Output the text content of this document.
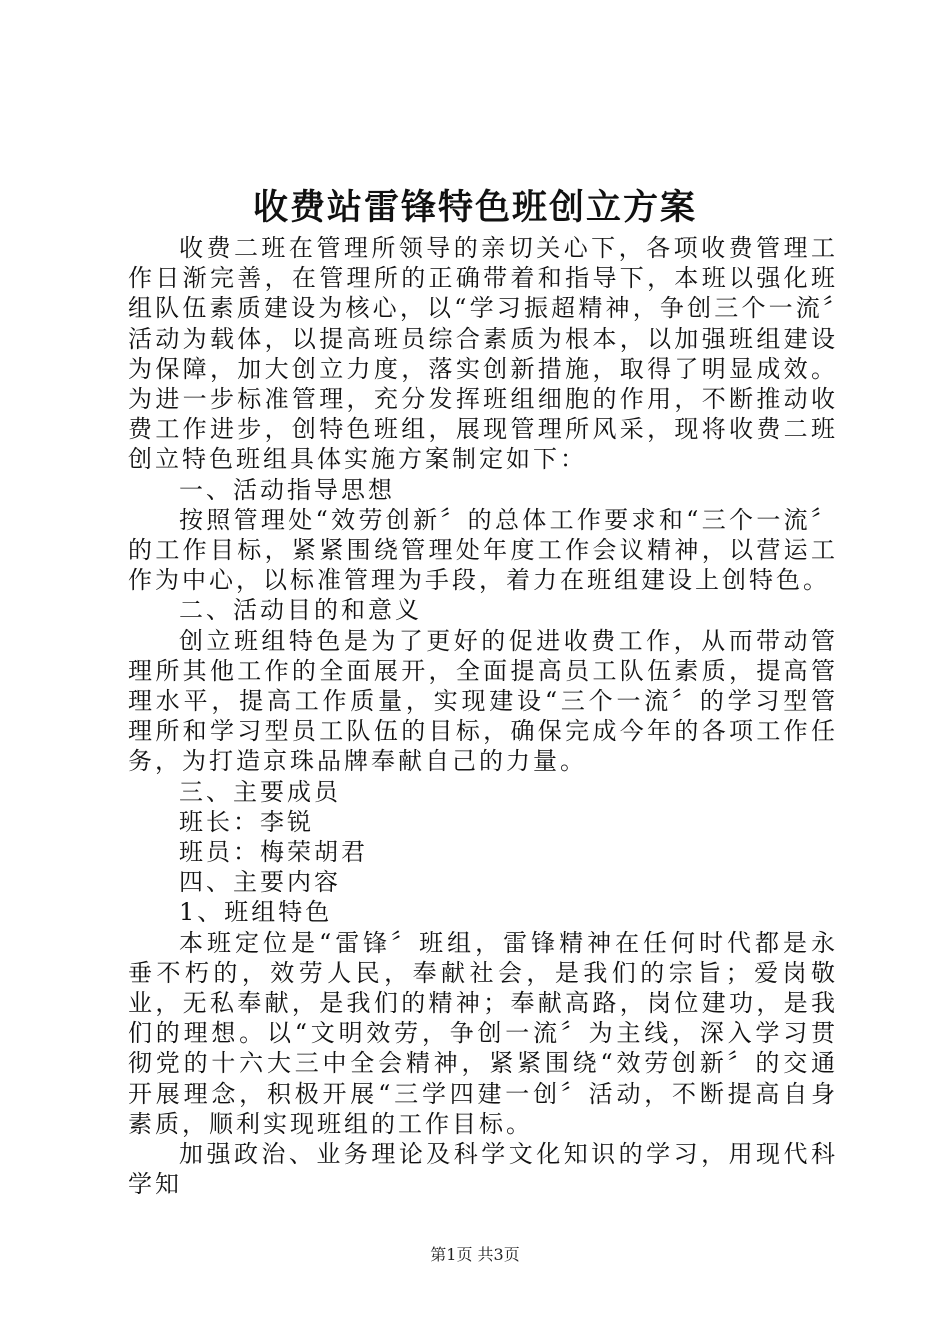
收费站雷锋特色班创立方案

收费二班在管理所领导的亲切关心下，各项收费管理工作日渐完善，在管理所的正确带着和指导下，本班以强化班组队伍素质建设为核心，以“学习振超精神，争创三个一流〞活动为载体，以提高班员综合素质为根本，以加强班组建设为保障，加大创立力度，落实创新措施，取得了明显成效。为进一步标准管理，充分发挥班组细胞的作用，不断推动收费工作进步，创特色班组，展现管理所风采，现将收费二班创立特色班组具体实施方案制定如下：

一、活动指导思想

按照管理处“效劳创新〞的总体工作要求和“三个一流〞的工作目标，紧紧围绕管理处年度工作会议精神，以营运工作为中心，以标准管理为手段，着力在班组建设上创特色。

二、活动目的和意义

创立班组特色是为了更好的促进收费工作，从而带动管理所其他工作的全面展开，全面提高员工队伍素质，提高管理水平，提高工作质量，实现建设“三个一流〞的学习型管理所和学习型员工队伍的目标，确保完成今年的各项工作任务，为打造京珠品牌奉献自己的力量。

三、主要成员

班长：李锐

班员：梅荣胡君

四、主要内容

1、班组特色

本班定位是“雷锋〞班组，雷锋精神在任何时代都是永垂不朽的，效劳人民，奉献社会，是我们的宗旨；爱岗敬业，无私奉献，是我们的精神；奉献高路，岗位建功，是我们的理想。以“文明效劳，争创一流〞为主线，深入学习贯彻党的十六大三中全会精神，紧紧围绕“效劳创新〞的交通开展理念，积极开展“三学四建一创〞活动，不断提高自身素质，顺利实现班组的工作目标。

加强政治、业务理论及科学文化知识的学习，用现代科学知

第1页 共3页
